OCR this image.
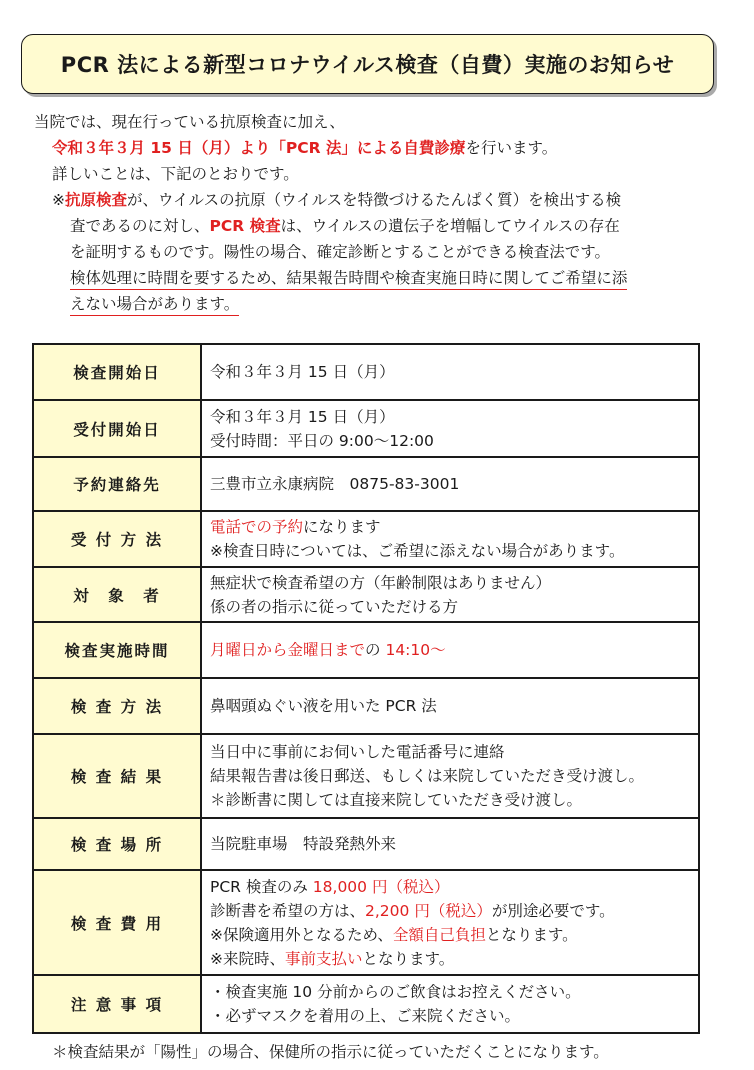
PCR 法による新型コロナウイルス検査（自費）実施のお知らせ
当院では、現在行っている抗原検査に加え、
令和３年３月 15 日（月）より「PCR 法」による自費診療を行います。
詳しいことは、下記のとおりです。
※抗原検査が、ウイルスの抗原（ウイルスを特徴づけるたんぱく質）を検出する検
査であるのに対し、PCR 検査は、ウイルスの遺伝子を増幅してウイルスの存在
を証明するものです。陽性の場合、確定診断とすることができる検査法です。
検体処理に時間を要するため、結果報告時間や検査実施日時に関してご希望に添
えない場合があります。
検査開始日	令和３年３月 15 日（月）

受付開始日	令和３年３月 15 日（月）
受付時間：平日の 9:00～12:00

予約連絡先	三豊市立永康病院　0875-83-3001

受 付 方 法	電話での予約になります
※検査日時については、ご希望に添えない場合があります。

対　象　者	無症状で検査希望の方（年齢制限はありません）
係の者の指示に従っていただける方

検査実施時間	月曜日から金曜日までの 14:10～

検 査 方 法	鼻咽頭ぬぐい液を用いた PCR 法

検 査 結 果	当日中に事前にお伺いした電話番号に連絡
結果報告書は後日郵送、もしくは来院していただき受け渡し。
＊診断書に関しては直接来院していただき受け渡し。

検 査 場 所	当院駐車場　特設発熱外来

検 査 費 用	PCR 検査のみ 18,000 円（税込）
診断書を希望の方は、2,200 円（税込）が別途必要です。
※保険適用外となるため、全額自己負担となります。
※来院時、事前支払いとなります。

注 意 事 項	・検査実施 10 分前からのご飲食はお控えください。
・必ずマスクを着用の上、ご来院ください。
＊検査結果が「陽性」の場合、保健所の指示に従っていただくことになります。
